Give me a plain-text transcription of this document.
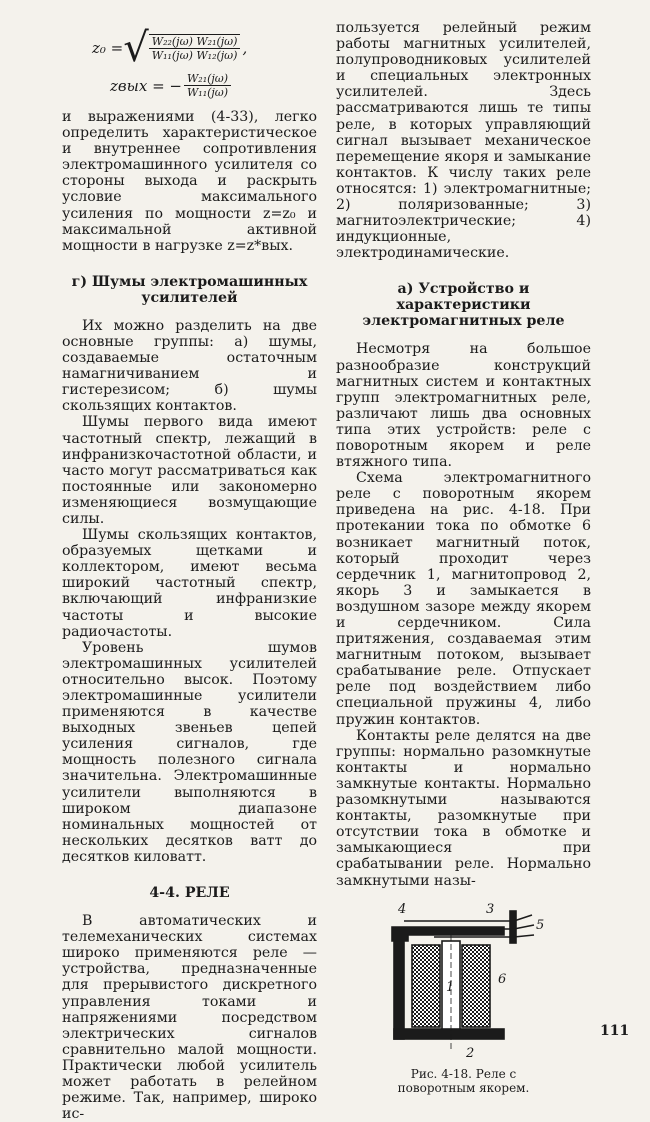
z₀ = √ $\frac{\text{W₂₂(jω) W₂₁(jω)}}{\text{W₁₁(jω) W₁₂(jω)}}$ ,
zвых = − $\frac{\text{W₂₁(jω)}}{\text{W₁₁(jω)}}$

и выражениями (4-33), легко определить характеристическое и внутреннее сопротивления электромашинного усилителя со стороны выхода и раскрыть условие максимального усиления по мощности z=z₀ и максимальной активной мощности в нагрузке z=z*вых.

г) Шумы электромашинных усилителей

Их можно разделить на две основные группы: а) шумы, создаваемые остаточным намагничиванием и гистерезисом; б) шумы скользящих контактов.

Шумы первого вида имеют частотный спектр, лежащий в инфранизкочастотной области, и часто могут рассматриваться как постоянные или закономерно изменяющиеся возмущающие силы.

Шумы скользящих контактов, образуемых щетками и коллектором, имеют весьма широкий частотный спектр, включающий инфранизкие частоты и высокие радиочастоты.

Уровень шумов электромашинных усилителей относительно высок. Поэтому электромашинные усилители применяются в качестве выходных звеньев цепей усиления сигналов, где мощность полезного сигнала значительна. Электромашинные усилители выполняются в широком диапазоне номинальных мощностей от нескольких десятков ватт до десятков киловатт.

4-4. РЕЛЕ

В автоматических и телемеханических системах широко применяются реле — устройства, предназначенные для прерывистого дискретного управления токами и напряжениями посредством электрических сигналов сравнительно малой мощности. Практически любой усилитель может работать в релейном режиме. Так, например, широко ис-

пользуется релейный режим работы магнитных усилителей, полупроводниковых усилителей и специальных электронных усилителей. Здесь рассматриваются лишь те типы реле, в которых управляющий сигнал вызывает механическое перемещение якоря и замыкание контактов. К числу таких реле относятся: 1) электромагнитные; 2) поляризованные; 3) магнитоэлектрические; 4) индукционные, электродинамические.

а) Устройство и характеристики электромагнитных реле

Несмотря на большое разнообразие конструкций магнитных систем и контактных групп электромагнитных реле, различают лишь два основных типа этих устройств: реле с поворотным якорем и реле втяжного типа.

Схема электромагнитного реле с поворотным якорем приведена на рис. 4-18. При протекании тока по обмотке 6 возникает магнитный поток, который проходит через сердечник 1, магнитопровод 2, якорь 3 и замыкается в воздушном зазоре между якорем и сердечником. Сила притяжения, создаваемая этим магнитным потоком, вызывает срабатывание реле. Отпускает реле под воздействием либо специальной пружины 4, либо пружин контактов.

Контакты реле делятся на две группы: нормально разомкнутые контакты и нормально замкнутые контакты. Нормально разомкнутыми называются контакты, разомкнутые при отсутствии тока в обмотке и замыкающиеся при срабатывании реле. Нормально замкнутыми назы-

4	3
5
6
1
2
Рис. 4-18. Реле с поворотным якорем.
111
